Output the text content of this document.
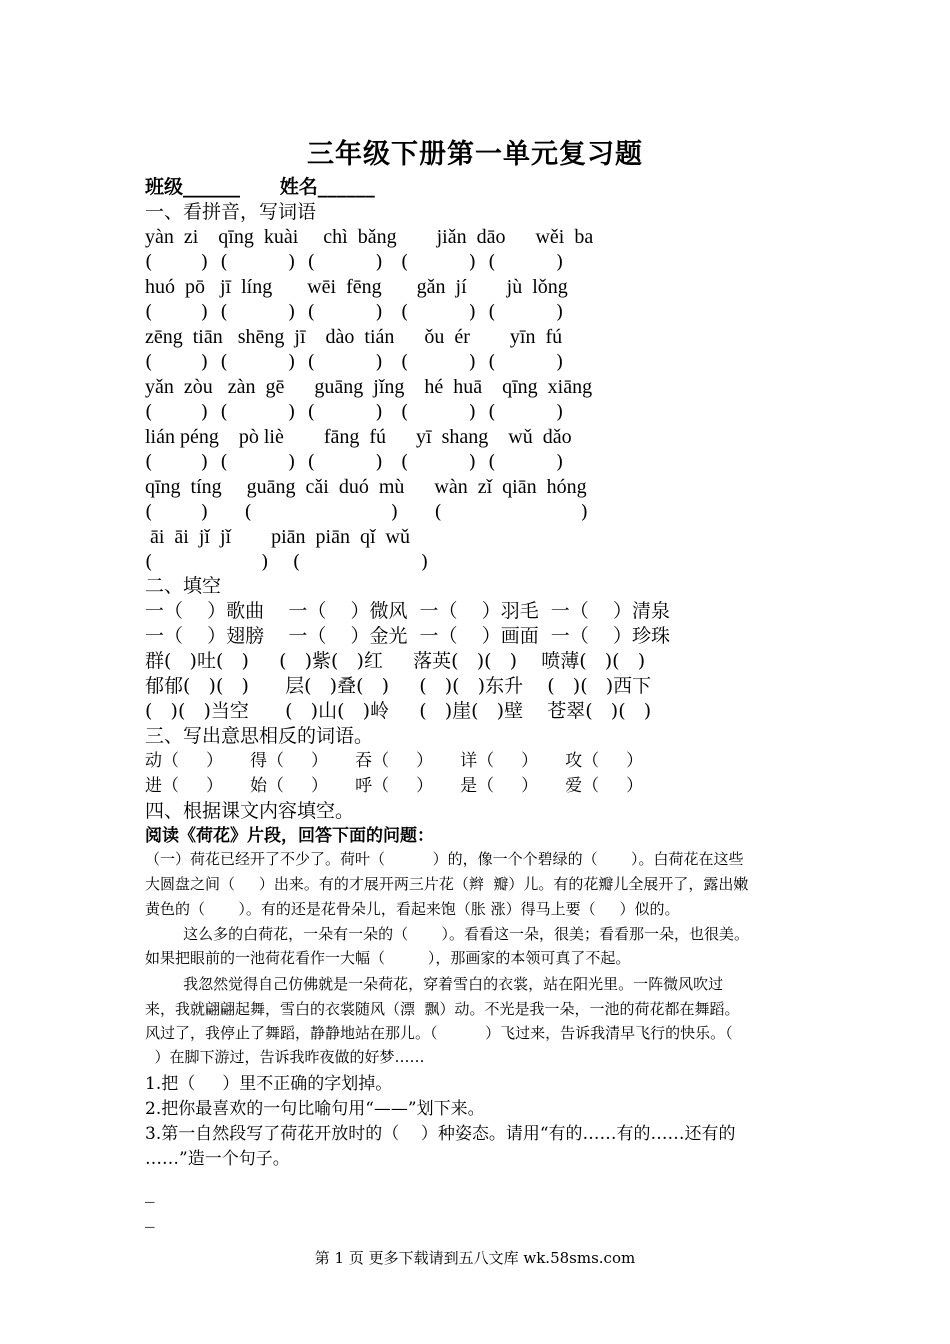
三年级下册第一单元复习题
班级______      姓名______
一、看拼音，写词语
yàn  zi    qīng  kuài     chì  bǎng        jiǎn  dāo      wěi  ba
(        )  (          )  (          )   (          )  (          )
huó  pō   jī  líng       wēi  fēng       gǎn  jí        jù  lǒng
(        )  (          )  (          )   (          )  (          )
zēng  tiān   shēng  jī    dào  tián      ǒu  ér        yīn  fú
(        )  (          )  (          )   (          )  (          )
yǎn  zòu   zàn  gē      guāng  jǐng    hé  huā    qīng  xiāng
(        )  (          )  (          )   (          )  (          )
lián péng    pò liè        fāng  fú      yī  shang    wǔ  dǎo
(        )  (          )  (          )   (          )  (          )
qīng  tíng     guāng  cǎi  duó  mù      wàn  zǐ  qiān  hóng
(        )      (                       )      (                       )
āi  āi  jǐ  jǐ        piān  piān  qǐ  wǔ
(                  )    (                    )
二、填空
一（    ）歌曲    一（    ）微风  一（    ）羽毛  一（    ）清泉
一（    ）翅膀    一（    ）金光  一（    ）画面  一（    ）珍珠
群(   )吐(   )     (   )紫(   )红     落英(   )(   )    喷薄(   )(   )
郁郁(   )(   )      层(   )叠(   )     (   )(   )东升    (   )(   )西下
(   )(   )当空      (   )山(   )岭     (   )崖(   )壁    苍翠(   )(   )
三、写出意思相反的词语。
动（     ）     得（     ）     吞（     ）     详（     ）     攻（     ）
进（     ）     始（     ）     呼（     ）     是（     ）     爱（     ）
四、根据课文内容填空。
阅读《荷花》片段，回答下面的问题：
（一）荷花已经开了不少了。荷叶（          ）的，像一个个碧绿的（       ）。白荷花在这些
大圆盘之间（     ）出来。有的才展开两三片花（辫  瓣）儿。有的花瓣儿全展开了，露出嫩
黄色的（       ）。有的还是花骨朵儿，看起来饱（胀 涨）得马上要（     ）似的。
这么多的白荷花，一朵有一朵的（       ）。看看这一朵，很美；看看那一朵，也很美。
如果把眼前的一池荷花看作一大幅（         ），那画家的本领可真了不起。
我忽然觉得自己仿佛就是一朵荷花，穿着雪白的衣裳，站在阳光里。一阵微风吹过
来，我就翩翩起舞，雪白的衣裳随风（漂  飘）动。不光是我一朵，一池的荷花都在舞蹈。
风过了，我停止了舞蹈，静静地站在那儿。（          ）飞过来，告诉我清早飞行的快乐。（
）在脚下游过，告诉我昨夜做的好梦……
1.把（     ）里不正确的字划掉。
2.把你最喜欢的一句比喻句用“——”划下来。
3.第一自然段写了荷花开放时的（    ）种姿态。请用“有的……有的……还有的
……”造一个句子。
_
_
第 1 页 更多下载请到五八文库 wk.58sms.com
